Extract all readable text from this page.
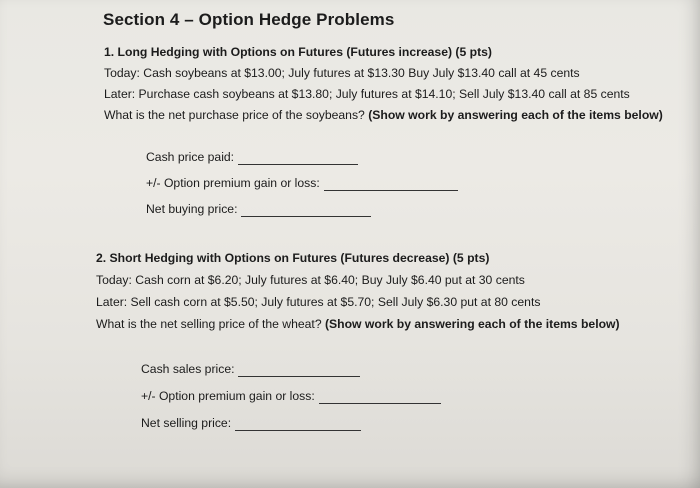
Section 4 – Option Hedge Problems
1. Long Hedging with Options on Futures (Futures increase) (5 pts)
Today: Cash soybeans at $13.00; July futures at $13.30 Buy July $13.40 call at 45 cents
Later: Purchase cash soybeans at $13.80; July futures at $14.10; Sell July $13.40 call at 85 cents
What is the net purchase price of the soybeans? (Show work by answering each of the items below)
Cash price paid:
+/- Option premium gain or loss:
Net buying price:
2. Short Hedging with Options on Futures (Futures decrease) (5 pts)
Today: Cash corn at $6.20; July futures at $6.40; Buy July $6.40 put at 30 cents
Later: Sell cash corn at $5.50; July futures at $5.70; Sell July $6.30 put at 80 cents
What is the net selling price of the wheat? (Show work by answering each of the items below)
Cash sales price:
+/- Option premium gain or loss:
Net selling price:
